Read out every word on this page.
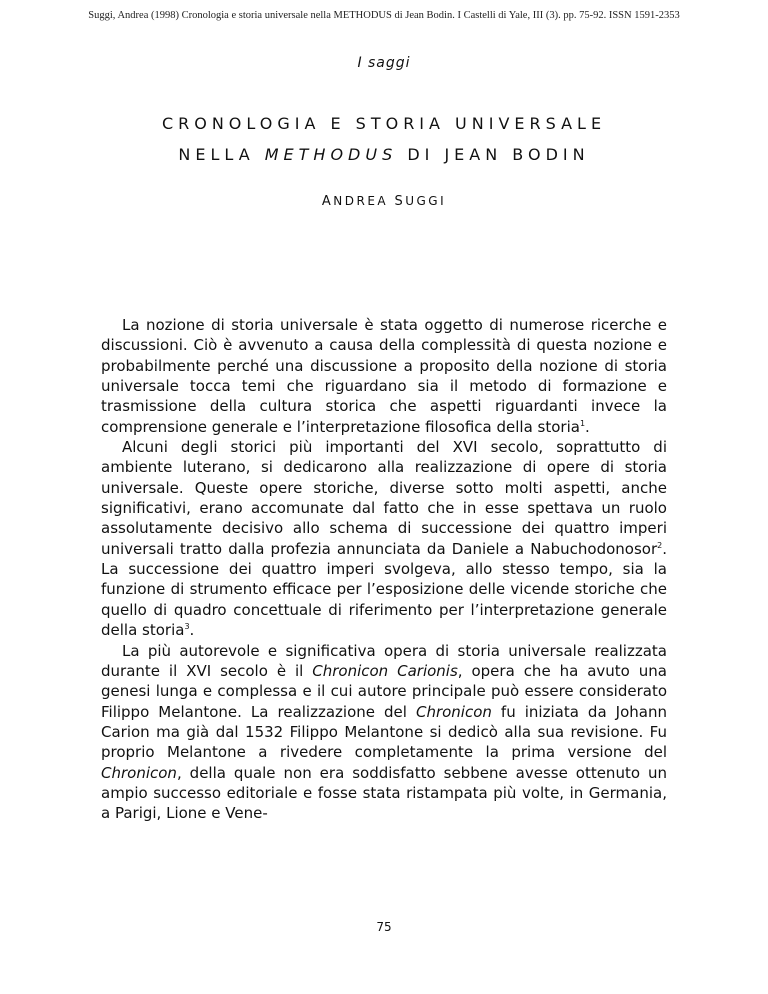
Suggi, Andrea (1998) Cronologia e storia universale nella METHODUS di Jean Bodin. I Castelli di Yale, III (3). pp. 75-92. ISSN 1591-2353
I saggi
CRONOLOGIA E STORIA UNIVERSALE
NELLA METHODUS DI JEAN BODIN
ANDREA SUGGI

La nozione di storia universale è stata oggetto di numerose ricerche e discussioni. Ciò è avvenuto a causa della complessità di questa nozione e probabilmente perché una discussione a proposito della nozione di storia universale tocca temi che riguardano sia il metodo di formazione e trasmissione della cultura storica che aspetti riguardanti invece la comprensione generale e l’interpretazione filosofica della storia$^1$.

Alcuni degli storici più importanti del XVI secolo, soprattutto di ambiente luterano, si dedicarono alla realizzazione di opere di storia universale. Queste opere storiche, diverse sotto molti aspetti, anche significativi, erano accomunate dal fatto che in esse spettava un ruolo assolutamente decisivo allo schema di successione dei quattro imperi universali tratto dalla profezia annunciata da Daniele a Nabuchodonosor$^2$. La successione dei quattro imperi svolgeva, allo stesso tempo, sia la funzione di strumento efficace per l’esposizione delle vicende storiche che quello di quadro concettuale di riferimento per l’interpretazione generale della storia$^3$.

La più autorevole e significativa opera di storia universale realizzata durante il XVI secolo è il Chronicon Carionis, opera che ha avuto una genesi lunga e complessa e il cui autore principale può essere considerato Filippo Melantone. La realizzazione del Chronicon fu iniziata da Johann Carion ma già dal 1532 Filippo Melantone si dedicò alla sua revisione. Fu proprio Melantone a rivedere completamente la prima versione del Chronicon, della quale non era soddisfatto sebbene avesse ottenuto un ampio successo editoriale e fosse stata ristampata più volte, in Germania, a Parigi, Lione e Vene-

75
